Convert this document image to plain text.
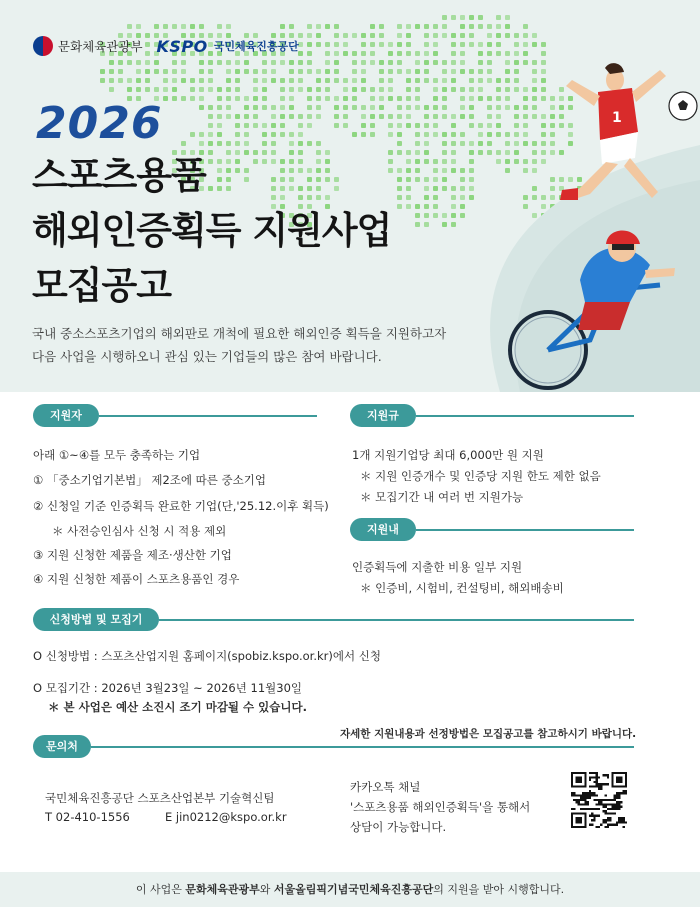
문화체육관광부 KSPO 국민체육진흥공단
2026
스포츠용품
해외인증획득 지원사업
모집공고
국내 중소스포츠기업의 해외판로 개척에 필요한 해외인증 획득을 지원하고자
다음 사업을 시행하오니 관심 있는 기업들의 많은 참여 바랍니다.
1
지원자격
아래 ①~④를 모두 충족하는 기업
① 「중소기업기본법」 제2조에 따른 중소기업
② 신청일 기준 인증획득 완료한 기업(단,'25.12.이후 획득)
＊ 사전승인심사 신청 시 적용 제외
③ 지원 신청한 제품을 제조·생산한 기업
④ 지원 신청한 제품이 스포츠용품인 경우
지원규모
1개 지원기업당 최대 6,000만 원 지원
＊ 지원 인증개수 및 인증당 지원 한도 제한 없음
＊ 모집기간 내 여러 번 지원가능
지원내용
인증획득에 지출한 비용 일부 지원
＊ 인증비, 시험비, 컨설팅비, 해외배송비
신청방법 및 모집기간
O 신청방법 : 스포츠산업지원 홈페이지(spobiz.kspo.or.kr)에서 신청
O 모집기간 : 2026년 3월23일 ~ 2026년 11월30일
＊ 본 사업은 예산 소진시 조기 마감될 수 있습니다.
자세한 지원내용과 선정방법은 모집공고를 참고하시기 바랍니다.
문의처
국민체육진흥공단 스포츠산업본부 기술혁신팀
T 02-410-1556	E jin0212@kspo.or.kr
카카오톡 채널
'스포츠용품 해외인증획득'을 통해서
상담이 가능합니다.
이 사업은 문화체육관광부와 서울올림픽기념국민체육진흥공단의 지원을 받아 시행합니다.
